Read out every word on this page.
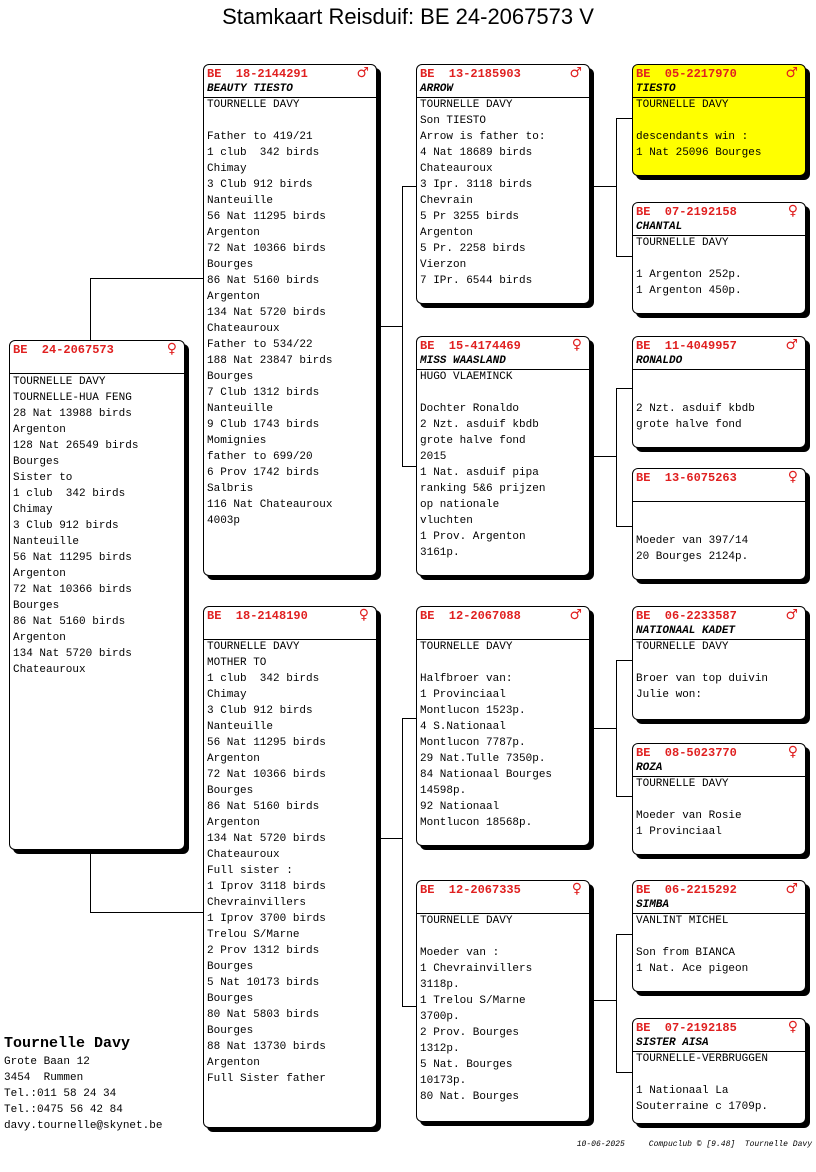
Stamkaart Reisduif: BE 24-2067573 V
BE  24-2067573	♀
TOURNELLE DAVY
TOURNELLE-HUA FENG
28 Nat 13988 birds
Argenton
128 Nat 26549 birds
Bourges
Sister to
1 club  342 birds
Chimay
3 Club 912 birds
Nanteuille
56 Nat 11295 birds
Argenton
72 Nat 10366 birds
Bourges
86 Nat 5160 birds
Argenton
134 Nat 5720 birds
Chateauroux
BE  18-2144291	♂
BEAUTY TIESTO
TOURNELLE DAVY

Father to 419/21
1 club  342 birds
Chimay
3 Club 912 birds
Nanteuille
56 Nat 11295 birds
Argenton
72 Nat 10366 birds
Bourges
86 Nat 5160 birds
Argenton
134 Nat 5720 birds
Chateauroux
Father to 534/22
188 Nat 23847 birds
Bourges
7 Club 1312 birds
Nanteuille
9 Club 1743 birds
Momignies
father to 699/20
6 Prov 1742 birds
Salbris
116 Nat Chateauroux
4003p
BE  18-2148190	♀
TOURNELLE DAVY
MOTHER TO
1 club  342 birds
Chimay
3 Club 912 birds
Nanteuille
56 Nat 11295 birds
Argenton
72 Nat 10366 birds
Bourges
86 Nat 5160 birds
Argenton
134 Nat 5720 birds
Chateauroux
Full sister :
1 Iprov 3118 birds
Chevrainvillers
1 Iprov 3700 birds
Trelou S/Marne
2 Prov 1312 birds
Bourges
5 Nat 10173 birds
Bourges
80 Nat 5803 birds
Bourges
88 Nat 13730 birds
Argenton
Full Sister father
BE  13-2185903	♂
ARROW
TOURNELLE DAVY
Son TIESTO
Arrow is father to:
4 Nat 18689 birds
Chateauroux
3 Ipr. 3118 birds
Chevrain
5 Pr 3255 birds
Argenton
5 Pr. 2258 birds
Vierzon
7 IPr. 6544 birds
BE  15-4174469	♀
MISS WAASLAND
HUGO VLAEMINCK

Dochter Ronaldo
2 Nzt. asduif kbdb
grote halve fond
2015
1 Nat. asduif pipa
ranking 5&6 prijzen
op nationale
vluchten
1 Prov. Argenton
3161p.
BE  12-2067088	♂
TOURNELLE DAVY

Halfbroer van:
1 Provinciaal
Montlucon 1523p.
4 S.Nationaal
Montlucon 7787p.
29 Nat.Tulle 7350p.
84 Nationaal Bourges
14598p.
92 Nationaal
Montlucon 18568p.
BE  12-2067335	♀
TOURNELLE DAVY

Moeder van :
1 Chevrainvillers
3118p.
1 Trelou S/Marne
3700p.
2 Prov. Bourges
1312p.
5 Nat. Bourges
10173p.
80 Nat. Bourges
BE  05-2217970	♂
TIESTO
TOURNELLE DAVY

descendants win :
1 Nat 25096 Bourges
BE  07-2192158	♀
CHANTAL
TOURNELLE DAVY

1 Argenton 252p.
1 Argenton 450p.
BE  11-4049957	♂
RONALDO

2 Nzt. asduif kbdb
grote halve fond
BE  13-6075263	♀

Moeder van 397/14
20 Bourges 2124p.
BE  06-2233587	♂
NATIONAAL KADET
TOURNELLE DAVY

Broer van top duivin
Julie won:
BE  08-5023770	♀
ROZA
TOURNELLE DAVY

Moeder van Rosie
1 Provinciaal
BE  06-2215292	♂
SIMBA
VANLINT MICHEL

Son from BIANCA
1 Nat. Ace pigeon
BE  07-2192185	♀
SISTER AISA
TOURNELLE-VERBRUGGEN

1 Nationaal La
Souterraine c 1709p.
Tournelle Davy
Grote Baan 12
3454  Rummen
Tel.:011 58 24 34
Tel.:0475 56 42 84
davy.tournelle@skynet.be
10-06-2025     Compuclub © [9.48]  Tournelle Davy
